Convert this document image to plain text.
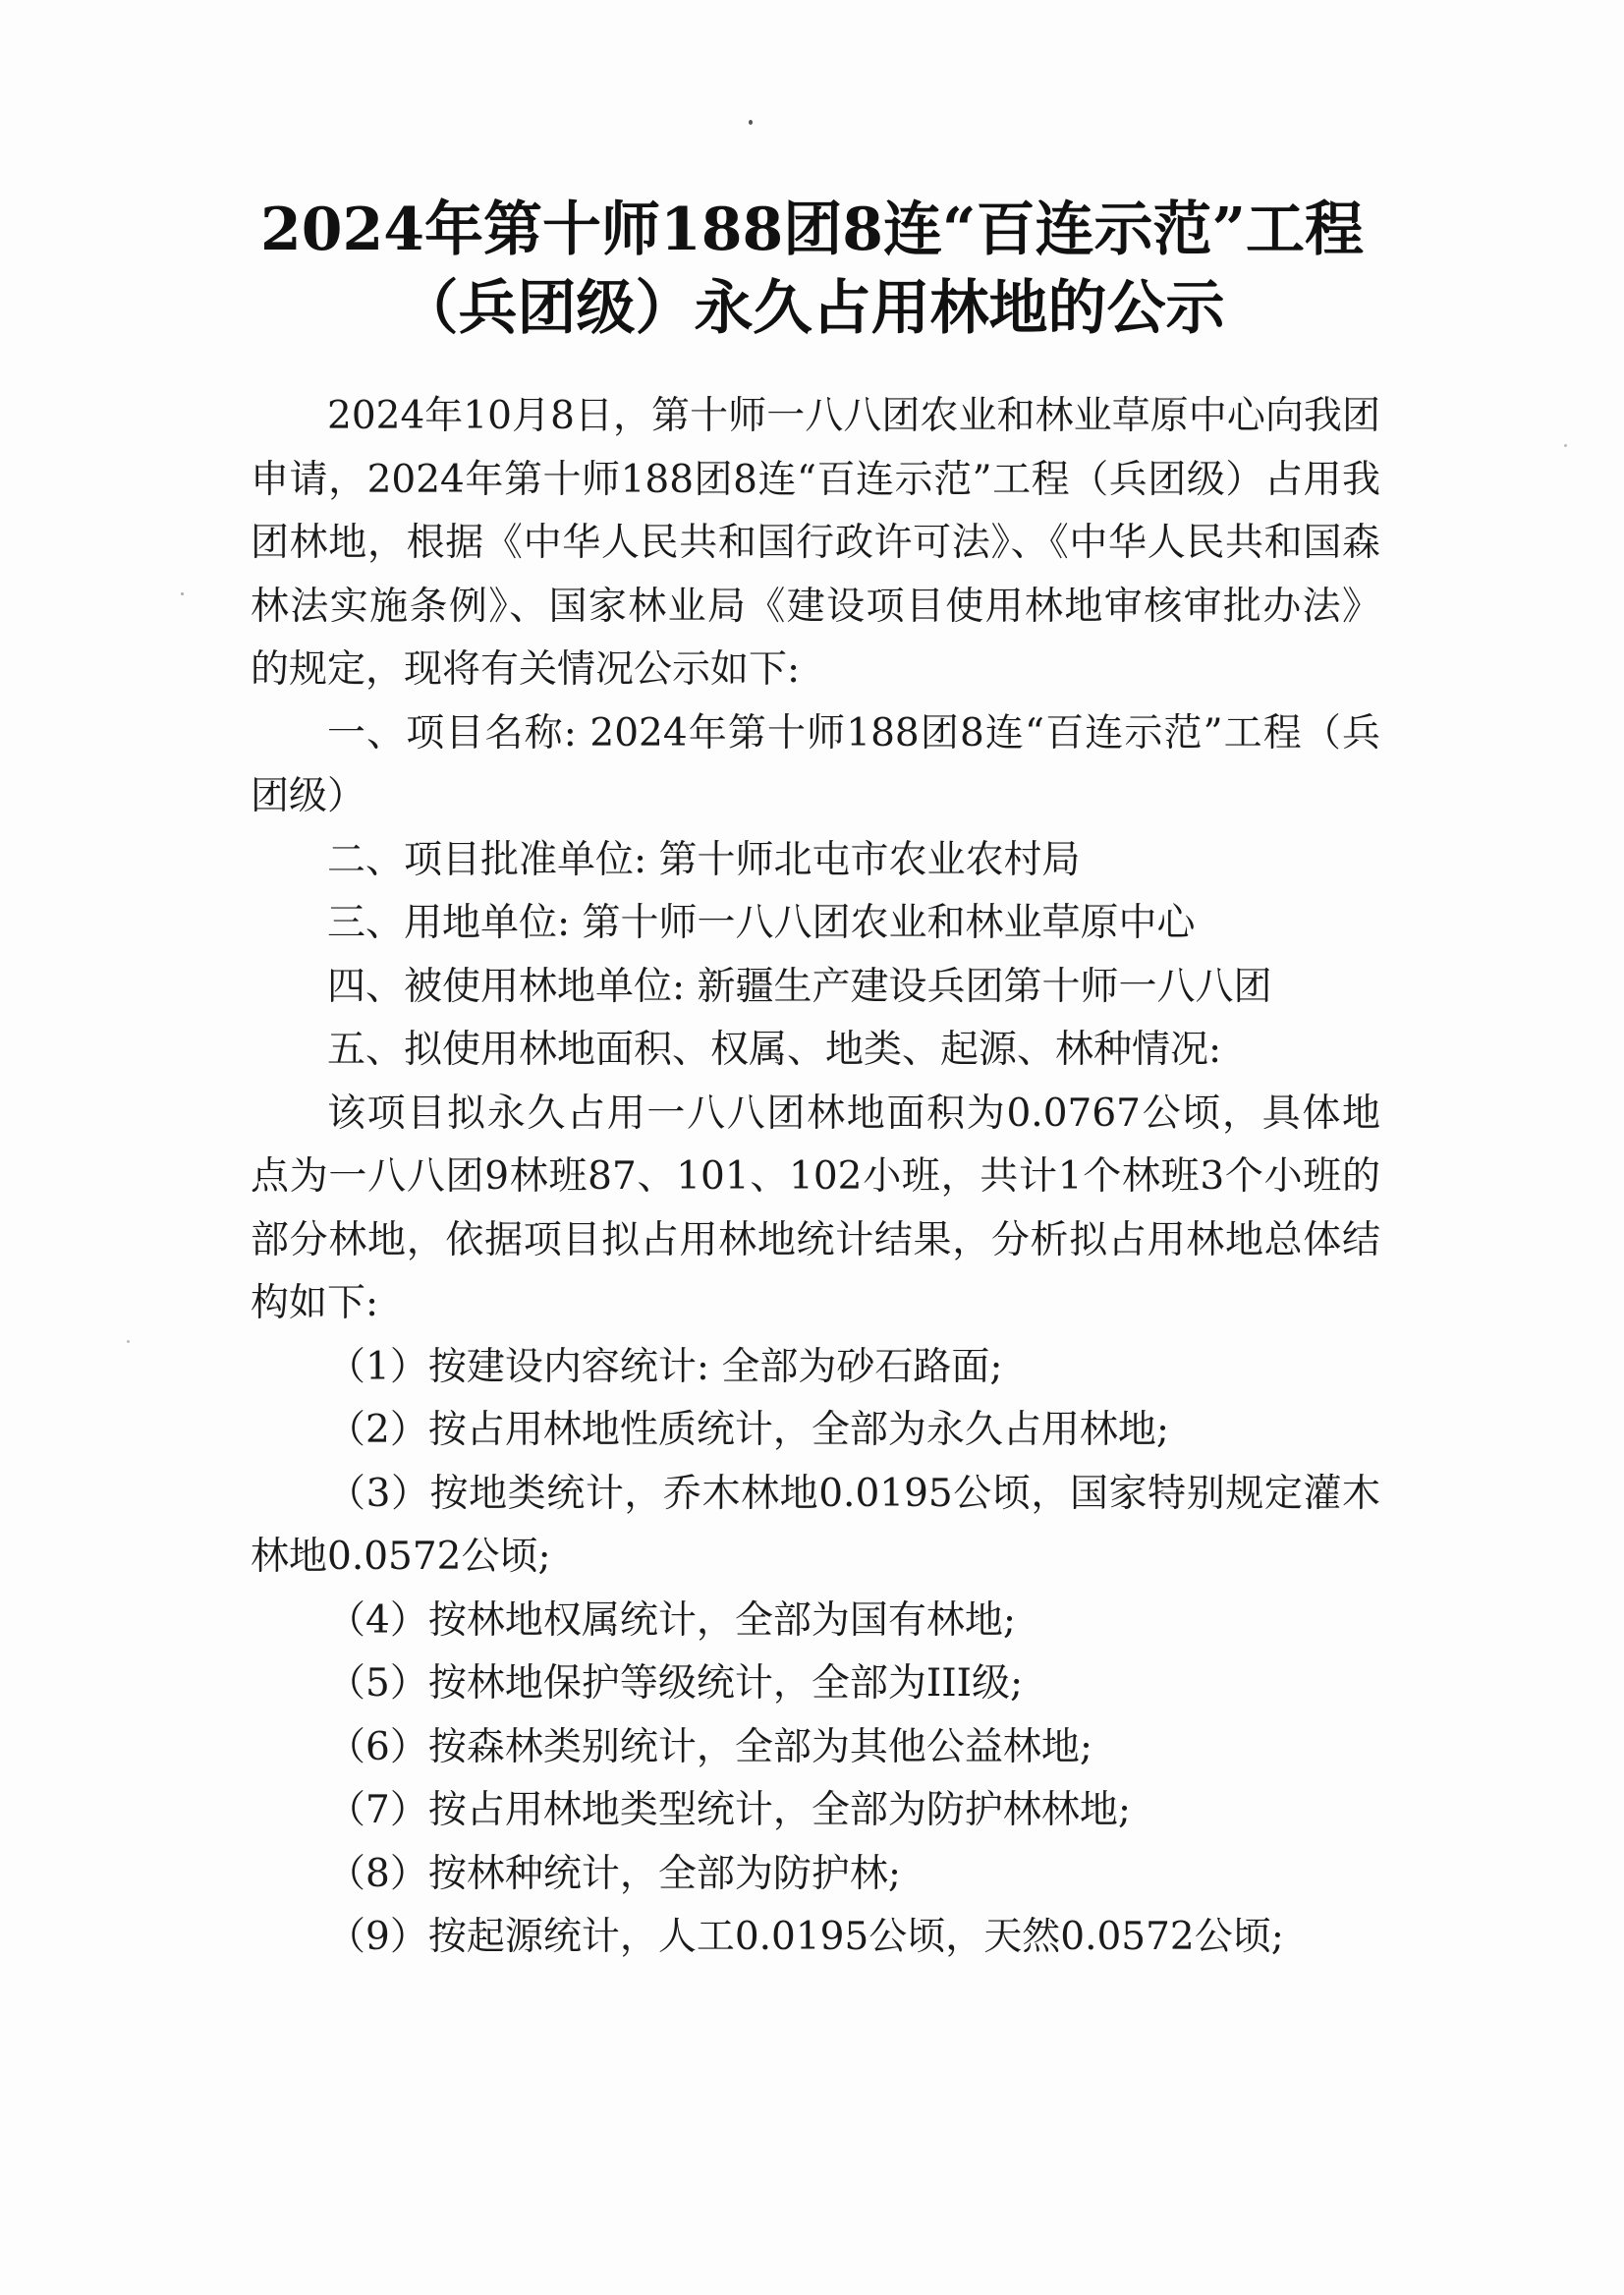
2024年第十师188团8连“百连示范”工程
（兵团级）永久占用林地的公示

2024年10月8日，第十师一八八团农业和林业草原中心向我团申请，2024年第十师188团8连“百连示范”工程（兵团级）占用我团林地，根据《中华人民共和国行政许可法》、《中华人民共和国森林法实施条例》、国家林业局《建设项目使用林地审核审批办法》的规定，现将有关情况公示如下:

一、项目名称: 2024年第十师188团8连“百连示范”工程（兵团级）

二、项目批准单位: 第十师北屯市农业农村局

三、用地单位: 第十师一八八团农业和林业草原中心

四、被使用林地单位: 新疆生产建设兵团第十师一八八团

五、拟使用林地面积、权属、地类、起源、林种情况:

该项目拟永久占用一八八团林地面积为0.0767公顷，具体地点为一八八团9林班87、101、102小班，共计1个林班3个小班的部分林地，依据项目拟占用林地统计结果，分析拟占用林地总体结构如下:

（1）按建设内容统计: 全部为砂石路面;

（2）按占用林地性质统计，全部为永久占用林地;

（3）按地类统计，乔木林地0.0195公顷，国家特别规定灌木林地0.0572公顷;

（4）按林地权属统计，全部为国有林地;

（5）按林地保护等级统计，全部为III级;

（6）按森林类别统计，全部为其他公益林地;

（7）按占用林地类型统计，全部为防护林林地;

（8）按林种统计，全部为防护林;

（9）按起源统计，人工0.0195公顷，天然0.0572公顷;
